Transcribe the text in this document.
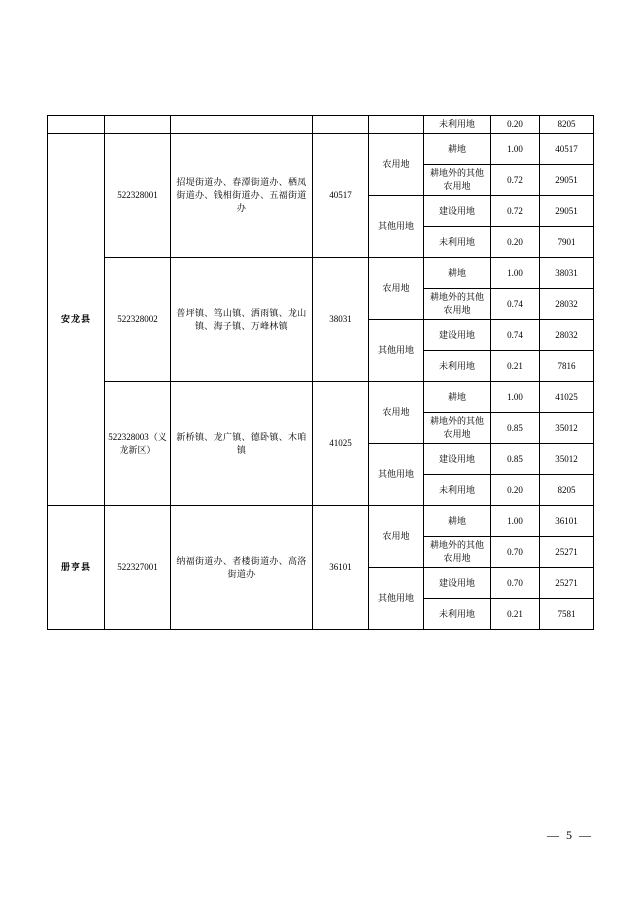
					未利用地	0.20	8205
安龙县	522328001	招堤街道办、春潭街道办、栖凤街道办、钱相街道办、五福街道办	40517	农用地	耕地	1.00	40517
					耕地外的其他农用地	0.72	29051
				其他用地	建设用地	0.72	29051
					未利用地	0.20	7901
	522328002	普坪镇、笃山镇、洒雨镇、龙山镇、海子镇、万峰林镇	38031	农用地	耕地	1.00	38031
					耕地外的其他农用地	0.74	28032
				其他用地	建设用地	0.74	28032
					未利用地	0.21	7816
	522328003（义龙新区）	新桥镇、龙广镇、德卧镇、木咱镇	41025	农用地	耕地	1.00	41025
					耕地外的其他农用地	0.85	35012
				其他用地	建设用地	0.85	35012
					未利用地	0.20	8205
册亨县	522327001	纳福街道办、者楼街道办、高洛街道办	36101	农用地	耕地	1.00	36101
					耕地外的其他农用地	0.70	25271
				其他用地	建设用地	0.70	25271
					未利用地	0.21	7581
— 5 —
